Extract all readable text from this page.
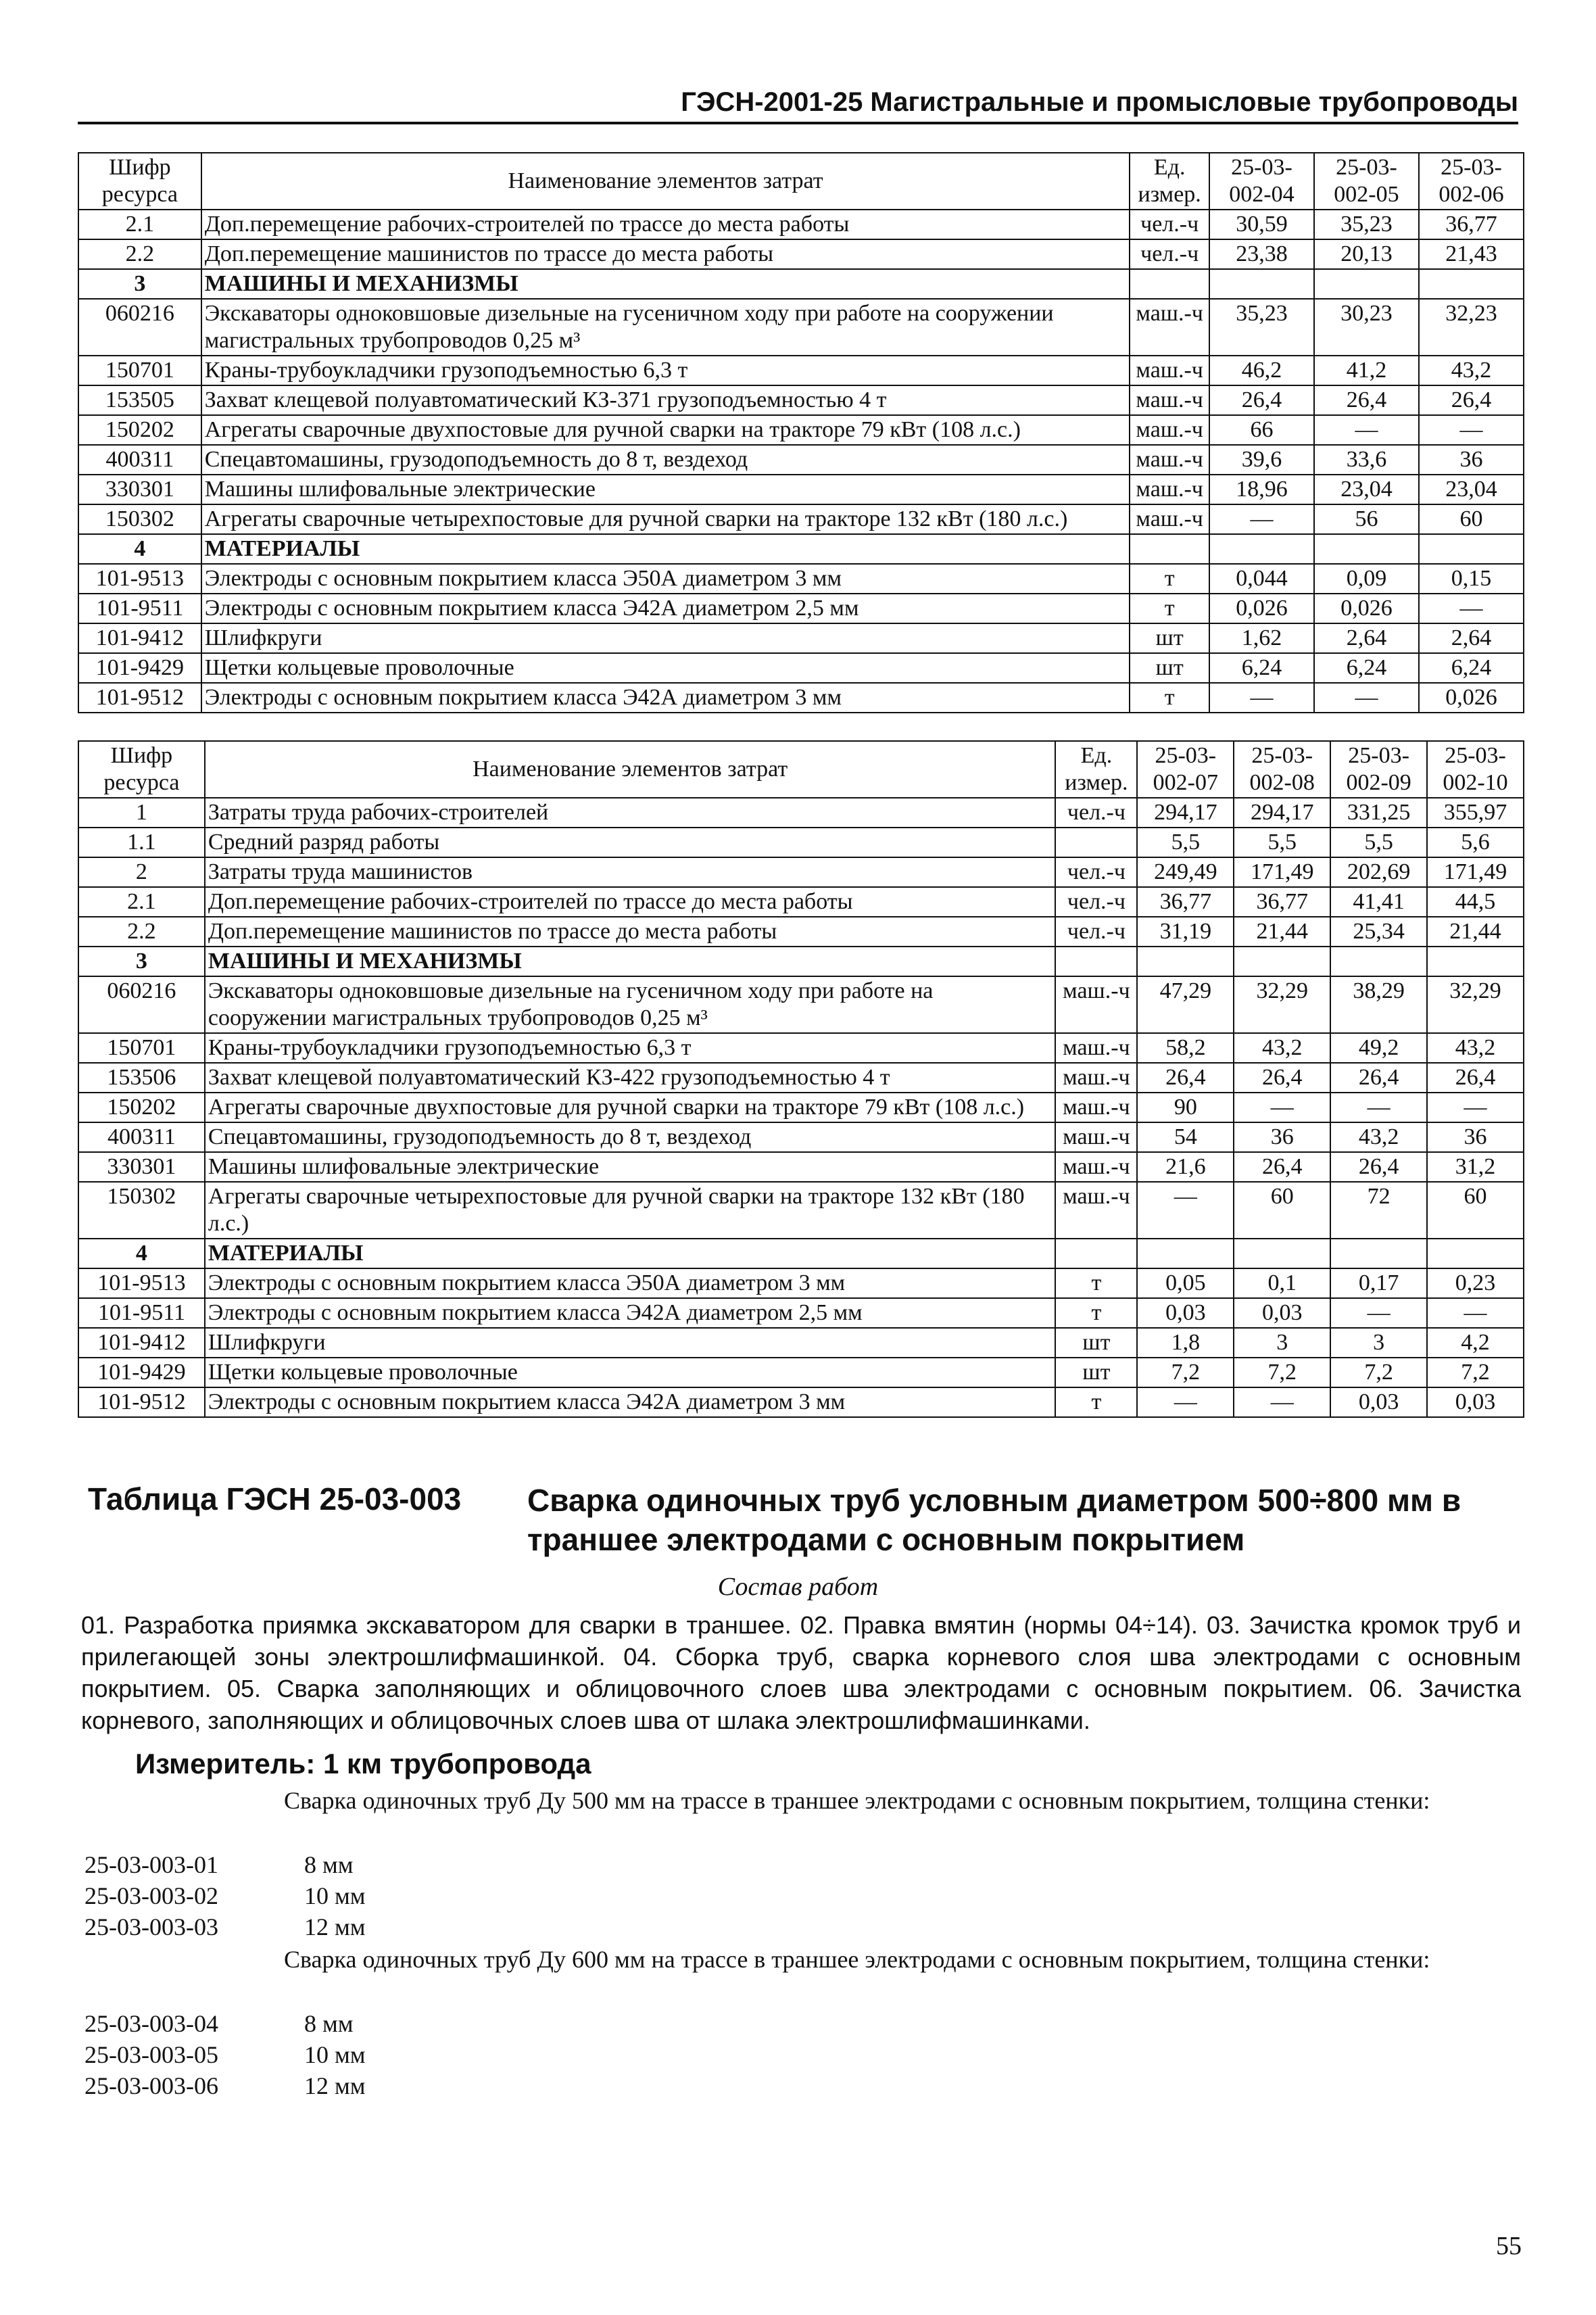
ГЭСН-2001-25 Магистральные и промысловые трубопроводы
Шифр ресурса	Наименование элементов затрат	Ед. измер.	25-03-002-04	25-03-002-05	25-03-002-06
2.1	Доп.перемещение рабочих-строителей по трассе до места работы	чел.-ч	30,59	35,23	36,77
2.2	Доп.перемещение машинистов по трассе до места работы	чел.-ч	23,38	20,13	21,43
3	МАШИНЫ И МЕХАНИЗМЫ				
060216	Экскаваторы одноковшовые дизельные на гусеничном ходу при работе на сооружении магистральных трубопроводов 0,25 м³	маш.-ч	35,23	30,23	32,23
150701	Краны-трубоукладчики грузоподъемностью 6,3 т	маш.-ч	46,2	41,2	43,2
153505	Захват клещевой полуавтоматический КЗ-371 грузоподъемностью 4 т	маш.-ч	26,4	26,4	26,4
150202	Агрегаты сварочные двухпостовые для ручной сварки на тракторе 79 кВт (108 л.с.)	маш.-ч	66	—	—
400311	Спецавтомашины, грузодоподъемность до 8 т, вездеход	маш.-ч	39,6	33,6	36
330301	Машины шлифовальные электрические	маш.-ч	18,96	23,04	23,04
150302	Агрегаты сварочные четырехпостовые для ручной сварки на тракторе 132 кВт (180 л.с.)	маш.-ч	—	56	60
4	МАТЕРИАЛЫ				
101-9513	Электроды с основным покрытием класса Э50А диаметром 3 мм	т	0,044	0,09	0,15
101-9511	Электроды с основным покрытием класса Э42А диаметром 2,5 мм	т	0,026	0,026	—
101-9412	Шлифкруги	шт	1,62	2,64	2,64
101-9429	Щетки кольцевые проволочные	шт	6,24	6,24	6,24
101-9512	Электроды с основным покрытием класса Э42А диаметром 3 мм	т	—	—	0,026
Шифр ресурса	Наименование элементов затрат	Ед. измер.	25-03-002-07	25-03-002-08	25-03-002-09	25-03-002-10
1	Затраты труда рабочих-строителей	чел.-ч	294,17	294,17	331,25	355,97
1.1	Средний разряд работы		5,5	5,5	5,5	5,6
2	Затраты труда машинистов	чел.-ч	249,49	171,49	202,69	171,49
2.1	Доп.перемещение рабочих-строителей по трассе до места работы	чел.-ч	36,77	36,77	41,41	44,5
2.2	Доп.перемещение машинистов по трассе до места работы	чел.-ч	31,19	21,44	25,34	21,44
3	МАШИНЫ И МЕХАНИЗМЫ					
060216	Экскаваторы одноковшовые дизельные на гусеничном ходу при работе на сооружении магистральных трубопроводов 0,25 м³	маш.-ч	47,29	32,29	38,29	32,29
150701	Краны-трубоукладчики грузоподъемностью 6,3 т	маш.-ч	58,2	43,2	49,2	43,2
153506	Захват клещевой полуавтоматический КЗ-422 грузоподъемностью 4 т	маш.-ч	26,4	26,4	26,4	26,4
150202	Агрегаты сварочные двухпостовые для ручной сварки на тракторе 79 кВт (108 л.с.)	маш.-ч	90	—	—	—
400311	Спецавтомашины, грузодоподъемность до 8 т, вездеход	маш.-ч	54	36	43,2	36
330301	Машины шлифовальные электрические	маш.-ч	21,6	26,4	26,4	31,2
150302	Агрегаты сварочные четырехпостовые для ручной сварки на тракторе 132 кВт (180 л.с.)	маш.-ч	—	60	72	60
4	МАТЕРИАЛЫ					
101-9513	Электроды с основным покрытием класса Э50А диаметром 3 мм	т	0,05	0,1	0,17	0,23
101-9511	Электроды с основным покрытием класса Э42А диаметром 2,5 мм	т	0,03	0,03	—	—
101-9412	Шлифкруги	шт	1,8	3	3	4,2
101-9429	Щетки кольцевые проволочные	шт	7,2	7,2	7,2	7,2
101-9512	Электроды с основным покрытием класса Э42А диаметром 3 мм	т	—	—	0,03	0,03
Таблица ГЭСН 25-03-003 Сварка одиночных труб условным диаметром 500÷800 мм в траншее электродами с основным покрытием
Состав работ
01. Разработка приямка экскаватором для сварки в траншее. 02. Правка вмятин (нормы 04÷14). 03. Зачистка кромок труб и прилегающей зоны электрошлифмашинкой. 04. Сборка труб, сварка корневого слоя шва электродами с основным покрытием. 05. Сварка заполняющих и облицовочного слоев шва электродами с основным покрытием. 06. Зачистка корневого, заполняющих и облицовочных слоев шва от шлака электрошлифмашинками.
Измеритель: 1 км трубопровода
Сварка одиночных труб Ду 500 мм на трассе в траншее электродами с основным покрытием, толщина стенки:
25-03-003-01	8 мм
25-03-003-02	10 мм
25-03-003-03	12 мм
Сварка одиночных труб Ду 600 мм на трассе в траншее электродами с основным покрытием, толщина стенки:
25-03-003-04	8 мм
25-03-003-05	10 мм
25-03-003-06	12 мм
55
